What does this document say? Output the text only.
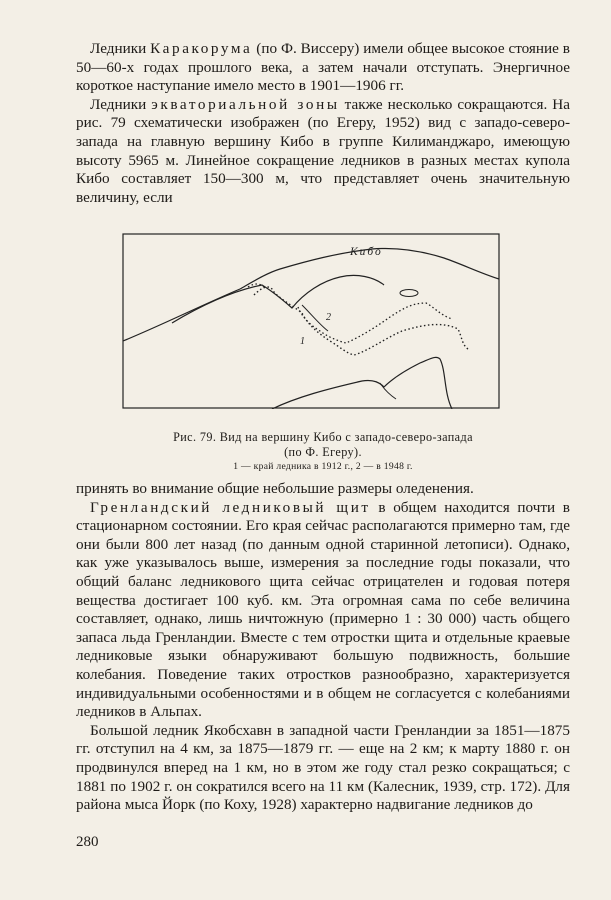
Ледники Каракорума (по Ф. Виссеру) имели общее высокое стояние в 50—60-х годах прошлого века, а затем начали отступать. Энергичное короткое наступание имело место в 1901—1906 гг.

Ледники экваториальной зоны также несколько сокращаются. На рис. 79 схематически изображен (по Егеру, 1952) вид с западо-северо-запада на главную вершину Кибо в группе Килиманджаро, имеющую высоту 5965 м. Линейное сокращение ледников в разных местах купола Кибо составляет 150—300 м, что представляет очень значительную величину, если

Кибо
2
1
Рис. 79. Вид на вершину Кибо с западо-северо-запада
(по Ф. Егеру).
1 — край ледника в 1912 г., 2 — в 1948 г.

принять во внимание общие небольшие размеры оледенения.

Гренландский ледниковый щит в общем находится почти в стационарном состоянии. Его края сейчас располагаются примерно там, где они были 800 лет назад (по данным одной старинной летописи). Однако, как уже указывалось выше, измерения за последние годы показали, что общий баланс ледникового щита сейчас отрицателен и годовая потеря вещества достигает 100 куб. км. Эта огромная сама по себе величина составляет, однако, лишь ничтожную (примерно 1 : 30 000) часть общего запаса льда Гренландии. Вместе с тем отростки щита и отдельные краевые ледниковые языки обнаруживают большую подвижность, большие колебания. Поведение таких отростков разнообразно, характеризуется индивидуальными особенностями и в общем не согласуется с колебаниями ледников в Альпах.

Большой ледник Якобсхавн в западной части Гренландии за 1851—1875 гг. отступил на 4 км, за 1875—1879 гг. — еще на 2 км; к марту 1880 г. он продвинулся вперед на 1 км, но в этом же году стал резко сокращаться; с 1881 по 1902 г. он сократился всего на 11 км (Калесник, 1939, стр. 172). Для района мыса Йорк (по Коху, 1928) характерно надвигание ледников до

280
